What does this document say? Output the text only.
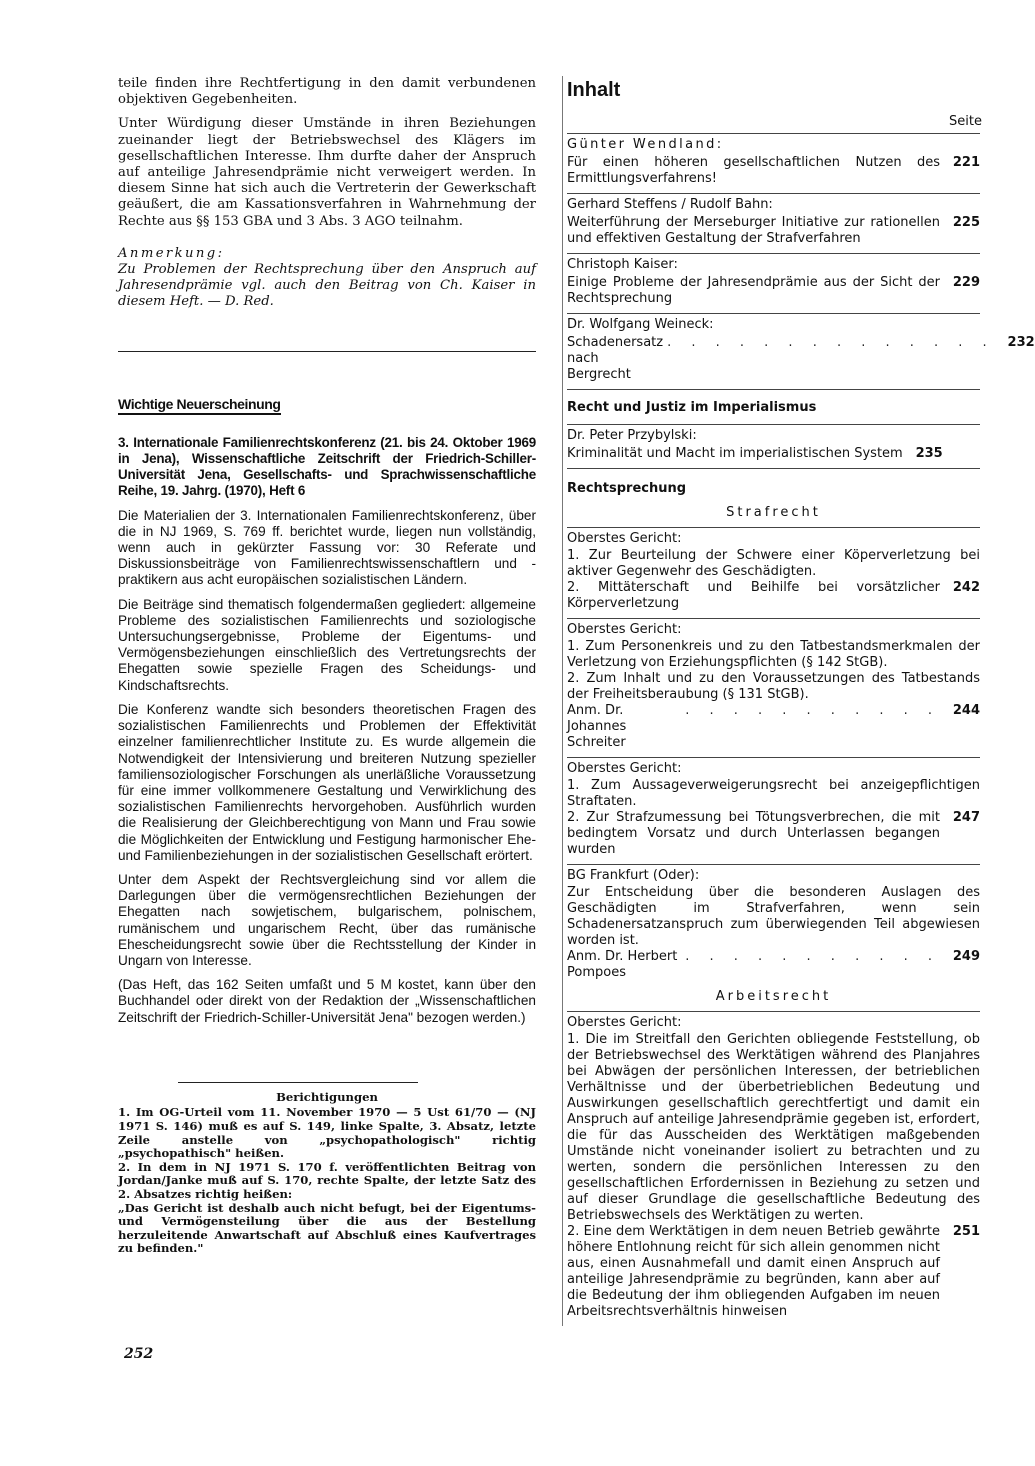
teile finden ihre Rechtfertigung in den damit verbundenen objektiven Gegebenheiten.

Unter Würdigung dieser Umstände in ihren Beziehungen zueinander liegt der Betriebswechsel des Klägers im gesellschaftlichen Interesse. Ihm durfte daher der Anspruch auf anteilige Jahresendprämie nicht verweigert werden. In diesem Sinne hat sich auch die Vertreterin der Gewerkschaft geäußert, die am Kassationsverfahren in Wahrnehmung der Rechte aus §§ 153 GBA und 3 Abs. 3 AGO teilnahm.

Anmerkung:
Zu Problemen der Rechtsprechung über den Anspruch auf Jahresendprämie vgl. auch den Beitrag von Ch. Kaiser in diesem Heft. — D. Red.
Wichtige Neuerscheinung

3. Internationale Familienrechtskonferenz (21. bis 24. Oktober 1969 in Jena), Wissenschaftliche Zeitschrift der Friedrich-Schiller-Universität Jena, Gesellschafts- und Sprachwissenschaftliche Reihe, 19. Jahrg. (1970), Heft 6

Die Materialien der 3. Internationalen Familienrechtskonferenz, über die in NJ 1969, S. 769 ff. berichtet wurde, liegen nun vollständig, wenn auch in gekürzter Fassung vor: 30 Referate und Diskussionsbeiträge von Familienrechtswissenschaftlern und -praktikern aus acht europäischen sozialistischen Ländern.

Die Beiträge sind thematisch folgendermaßen gegliedert: allgemeine Probleme des sozialistischen Familienrechts und soziologische Untersuchungsergebnisse, Probleme der Eigentums- und Vermögensbeziehungen einschließlich des Vertretungsrechts der Ehegatten sowie spezielle Fragen des Scheidungs- und Kindschaftsrechts.

Die Konferenz wandte sich besonders theoretischen Fragen des sozialistischen Familienrechts und Problemen der Effektivität einzelner familienrechtlicher Institute zu. Es wurde allgemein die Notwendigkeit der Intensivierung und breiteren Nutzung spezieller familiensoziologischer Forschungen als unerläßliche Voraussetzung für eine immer vollkommenere Gestaltung und Verwirklichung des sozialistischen Familienrechts hervorgehoben. Ausführlich wurden die Realisierung der Gleichberechtigung von Mann und Frau sowie die Möglichkeiten der Entwicklung und Festigung harmonischer Ehe- und Familienbeziehungen in der sozialistischen Gesellschaft erörtert.

Unter dem Aspekt der Rechtsvergleichung sind vor allem die Darlegungen über die vermögensrechtlichen Beziehungen der Ehegatten nach sowjetischem, bulgarischem, polnischem, rumänischem und ungarischem Recht, über das rumänische Ehescheidungsrecht sowie über die Rechtsstellung der Kinder in Ungarn von Interesse.

(Das Heft, das 162 Seiten umfaßt und 5 M kostet, kann über den Buchhandel oder direkt von der Redaktion der „Wissenschaftlichen Zeitschrift der Friedrich-Schiller-Universität Jena" bezogen werden.)

Berichtigungen
1. Im OG-Urteil vom 11. November 1970 — 5 Ust 61/70 — (NJ 1971 S. 146) muß es auf S. 149, linke Spalte, 3. Absatz, letzte Zeile anstelle von „psychopathologisch" richtig „psychopathisch" heißen.
2. In dem in NJ 1971 S. 170 f. veröffentlichten Beitrag von Jordan/Janke muß auf S. 170, rechte Spalte, der letzte Satz des 2. Absatzes richtig heißen:
„Das Gericht ist deshalb auch nicht befugt, bei der Eigentums- und Vermögensteilung über die aus der Bestellung herzuleitende Anwartschaft auf Abschluß eines Kaufvertrages zu befinden."
252
Inhalt
Seite
Günter Wendland:
Für einen höheren gesellschaftlichen Nutzen des Ermittlungsverfahrens!
221
Gerhard Steffens / Rudolf Bahn:
Weiterführung der Merseburger Initiative zur rationellen und effektiven Gestaltung der Strafverfahren
225
Christoph Kaiser:
Einige Probleme der Jahresendprämie aus der Sicht der Rechtsprechung
229
Dr. Wolfgang Weineck:
Schadenersatz nach Bergrecht
. . . . . . . . . . . . . . 232
Recht und Justiz im Imperialismus
Dr. Peter Przybylski:
Kriminalität und Macht im imperialistischen System 235
Rechtsprechung
Strafrecht
Oberstes Gericht:
1. Zur Beurteilung der Schwere einer Köperverletzung bei aktiver Gegenwehr des Geschädigten.
2. Mittäterschaft und Beihilfe bei vorsätzlicher Körperverletzung
242
Oberstes Gericht:
1. Zum Personenkreis und zu den Tatbestandsmerkmalen der Verletzung von Erziehungspflichten (§ 142 StGB).
2. Zum Inhalt und zu den Voraussetzungen des Tatbestands der Freiheitsberaubung (§ 131 StGB).
Anm. Dr. Johannes Schreiter
. . . . . . . . . . . 244
Oberstes Gericht:
1. Zum Aussageverweigerungsrecht bei anzeigepflichtigen Straftaten.
2. Zur Strafzumessung bei Tötungsverbrechen, die mit bedingtem Vorsatz und durch Unterlassen begangen wurden
247
BG Frankfurt (Oder):
Zur Entscheidung über die besonderen Auslagen des Geschädigten im Strafverfahren, wenn sein Schadenersatzanspruch zum überwiegenden Teil abgewiesen worden ist.
Anm. Dr. Herbert Pompoes
. . . . . . . . . . . 249
Arbeitsrecht
Oberstes Gericht:
1. Die im Streitfall den Gerichten obliegende Feststellung, ob der Betriebswechsel des Werktätigen während des Planjahres bei Abwägen der persönlichen Interessen, der betrieblichen Verhältnisse und der überbetrieblichen Bedeutung und Auswirkungen gesellschaftlich gerechtfertigt und damit ein Anspruch auf anteilige Jahresendprämie gegeben ist, erfordert, die für das Ausscheiden des Werktätigen maßgebenden Umstände nicht voneinander isoliert zu betrachten und zu werten, sondern die persönlichen Interessen zu den gesellschaftlichen Erfordernissen in Beziehung zu setzen und auf dieser Grundlage die gesellschaftliche Bedeutung des Betriebswechsels des Werktätigen zu werten.
2. Eine dem Werktätigen in dem neuen Betrieb gewährte höhere Entlohnung reicht für sich allein genommen nicht aus, einen Ausnahmefall und damit einen Anspruch auf anteilige Jahresendprämie zu begründen, kann aber auf die Bedeutung der ihm obliegenden Aufgaben im neuen Arbeitsrechtsverhältnis hinweisen
251
